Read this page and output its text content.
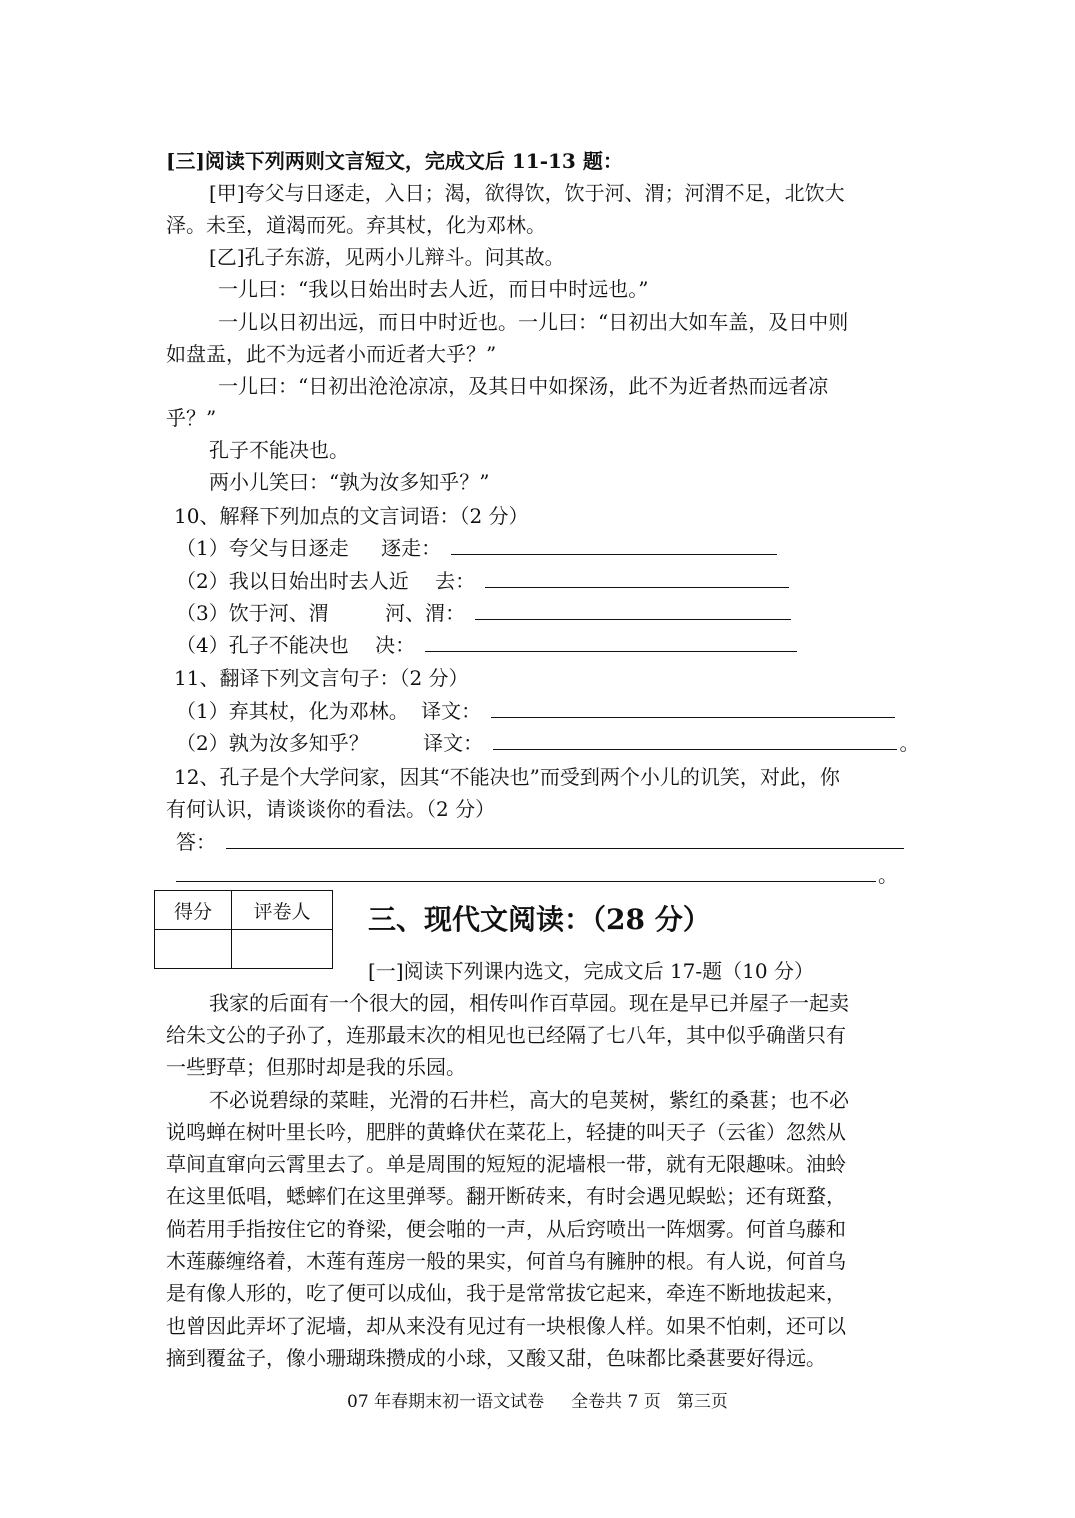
[三]阅读下列两则文言短文，完成文后 11-13 题：
[甲]夸父与日逐走，入日；渴，欲得饮，饮于河、渭；河渭不足，北饮大
泽。未至，道渴而死。弃其杖，化为邓林。
[乙]孔子东游，见两小儿辩斗。问其故。
一儿曰：“我以日始出时去人近，而日中时远也。”
一儿以日初出远，而日中时近也。一儿曰：“日初出大如车盖，及日中则
如盘盂，此不为远者小而近者大乎？”
一儿曰：“日初出沧沧凉凉，及其日中如探汤，此不为近者热而远者凉
乎？”
孔子不能决也。
两小儿笑曰：“孰为汝多知乎？”
10、解释下列加点的文言词语：（2 分）
（1）夸父与日逐走 逐走：
（2）我以日始出时去人近 去：
（3）饮于河、渭	河、渭：
（4）孔子不能决也 决：
11、翻译下列文言句子：（2 分）
（1）弃其杖，化为邓林。 译文：
（2）孰为汝多知乎？	译文：	。
12、孔子是个大学问家，因其“不能决也”而受到两个小儿的讥笑，对此，你
有何认识，请谈谈你的看法。（2 分）
答：
。
得分	评卷人
	三、现代文阅读：（28 分）
[一]阅读下列课内选文，完成文后 17-题（10 分）
我家的后面有一个很大的园，相传叫作百草园。现在是早已并屋子一起卖
给朱文公的子孙了，连那最末次的相见也已经隔了七八年，其中似乎确凿只有
一些野草；但那时却是我的乐园。
不必说碧绿的菜畦，光滑的石井栏，高大的皂荚树，紫红的桑葚；也不必
说鸣蝉在树叶里长吟，肥胖的黄蜂伏在菜花上，轻捷的叫天子（云雀）忽然从
草间直窜向云霄里去了。单是周围的短短的泥墙根一带，就有无限趣味。油蛉
在这里低唱，蟋蟀们在这里弹琴。翻开断砖来，有时会遇见蜈蚣；还有斑蝥，
倘若用手指按住它的脊梁，便会啪的一声，从后窍喷出一阵烟雾。何首乌藤和
木莲藤缠络着，木莲有莲房一般的果实，何首乌有臃肿的根。有人说，何首乌
是有像人形的，吃了便可以成仙，我于是常常拔它起来，牵连不断地拔起来，
也曾因此弄坏了泥墙，却从来没有见过有一块根像人样。如果不怕刺，还可以
摘到覆盆子，像小珊瑚珠攒成的小球，又酸又甜，色味都比桑葚要好得远。
07 年春期末初一语文试卷     全卷共 7 页   第三页
